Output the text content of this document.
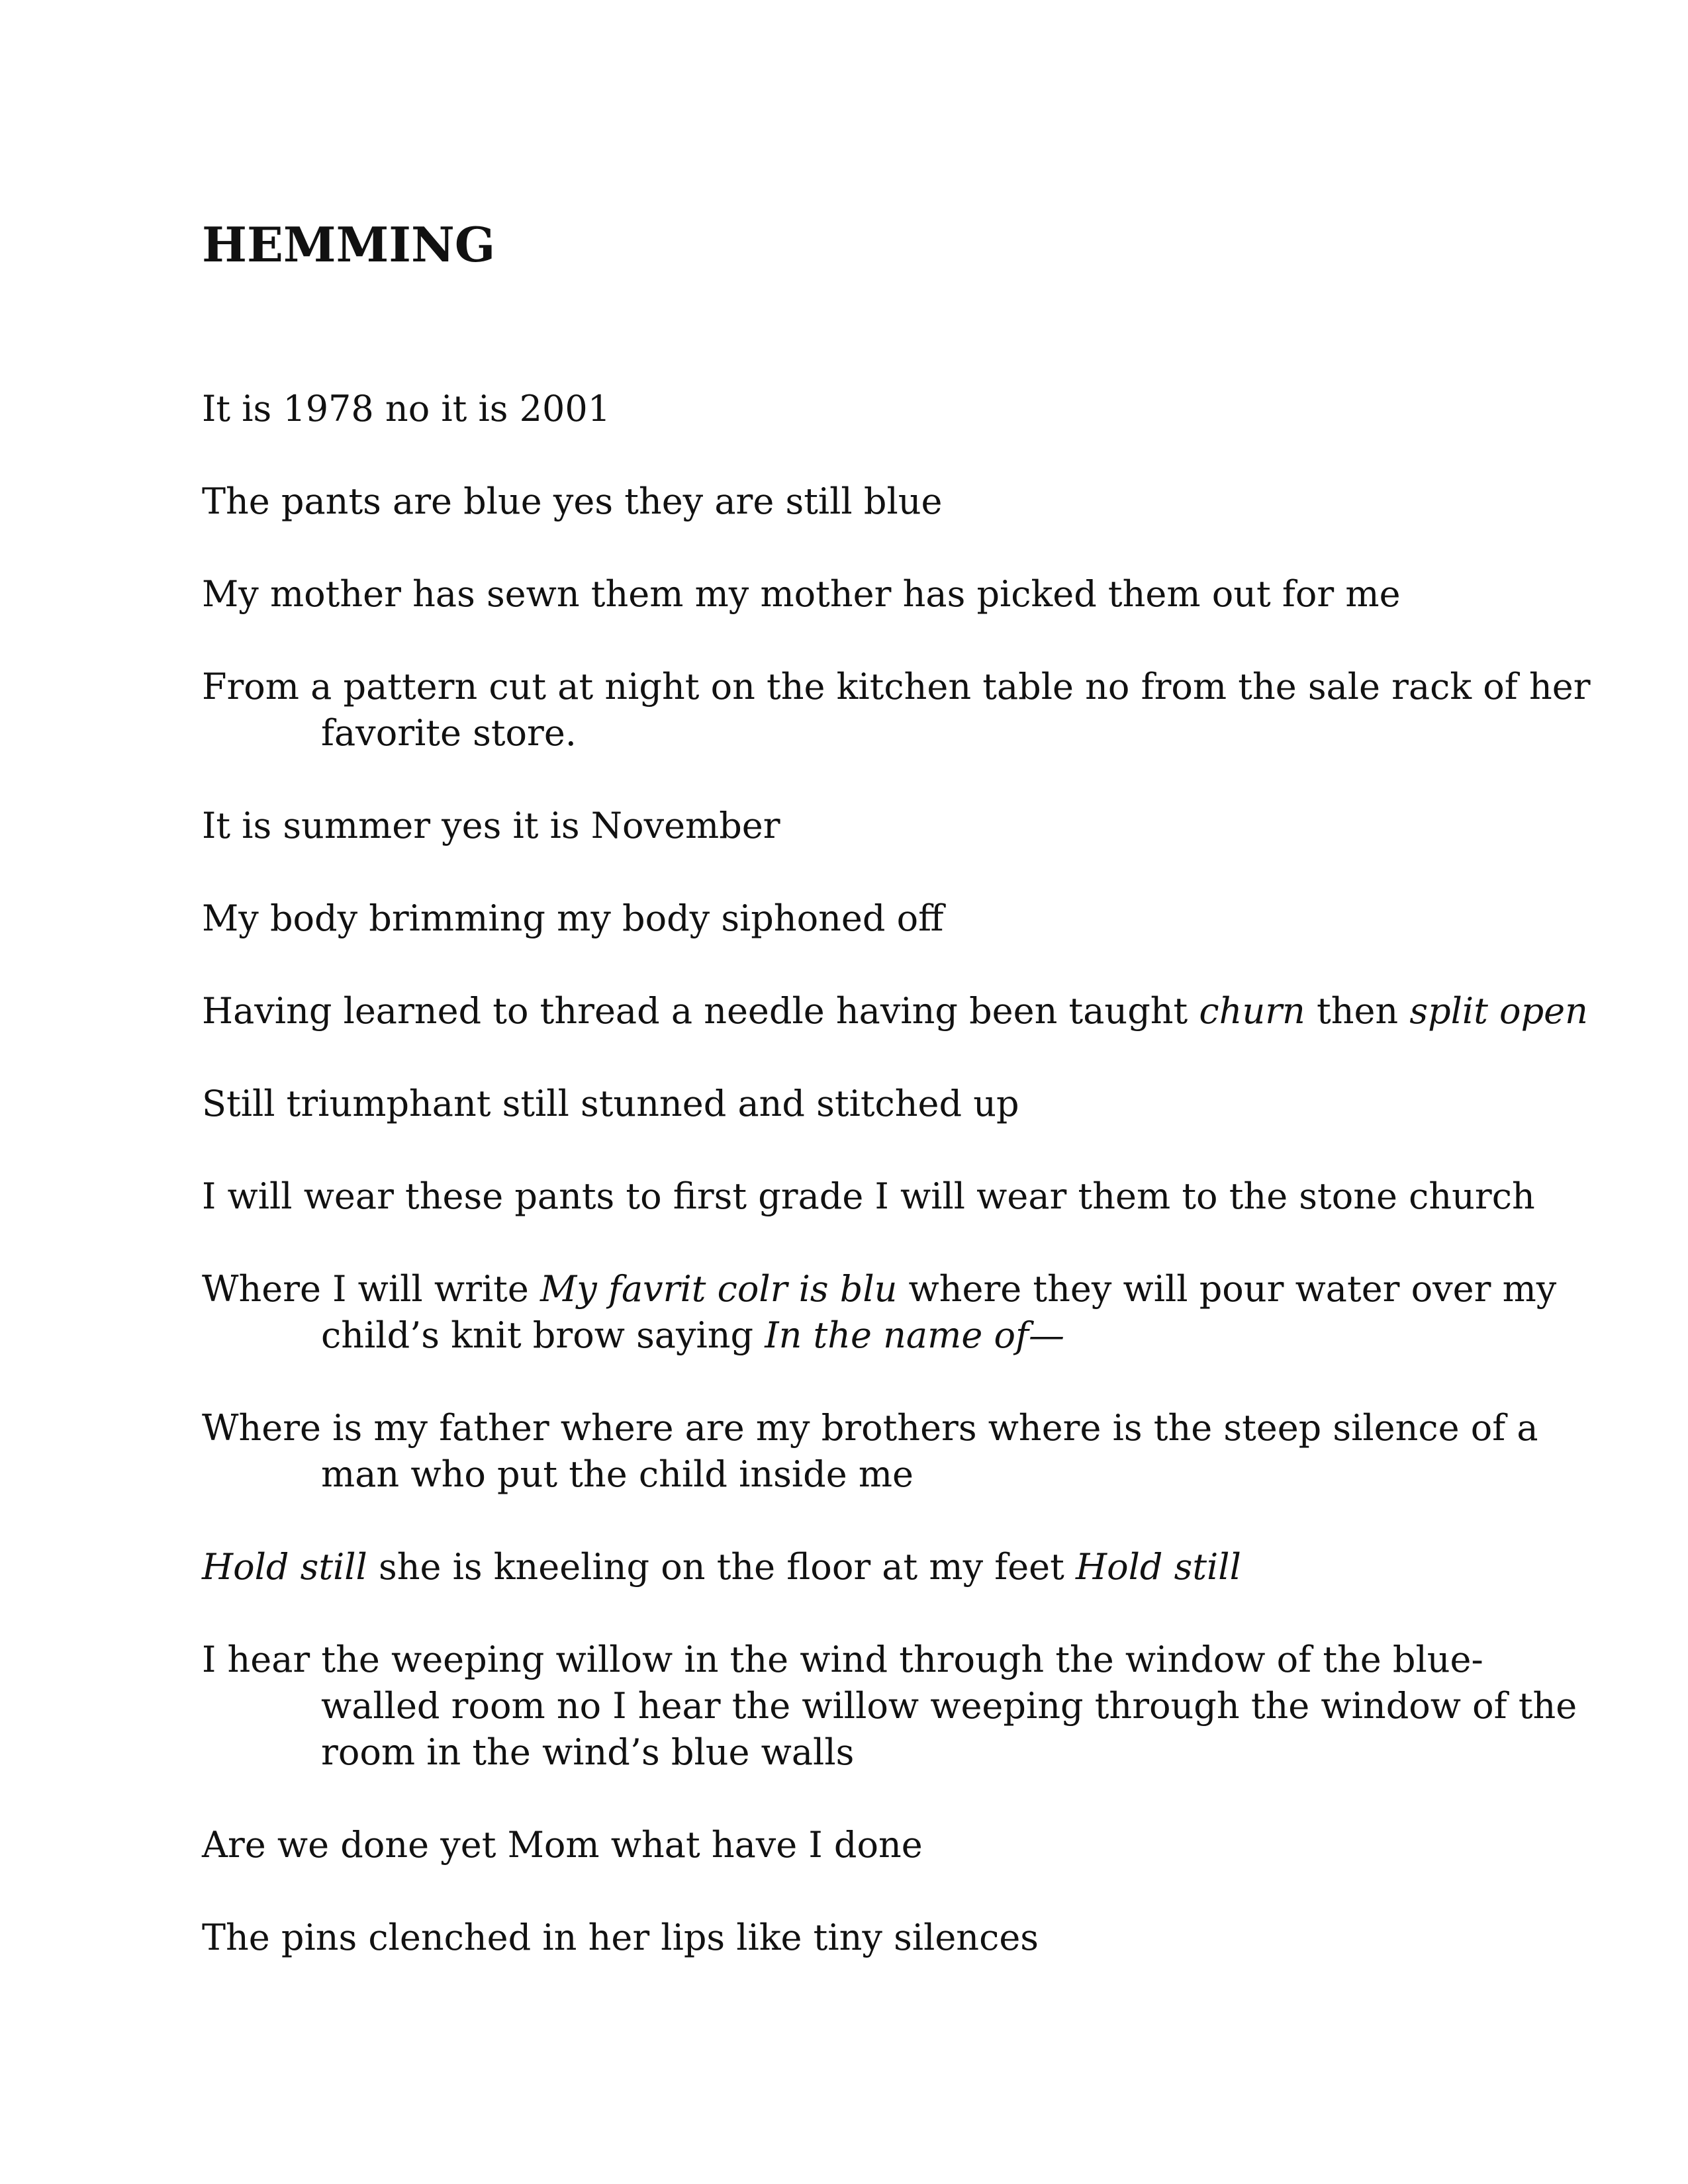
HEMMING

It is 1978 no it is 2001

The pants are blue yes they are still blue

My mother has sewn them my mother has picked them out for me

From a pattern cut at night on the kitchen table no from the sale rack of her favorite store.

It is summer yes it is November

My body brimming my body siphoned off

Having learned to thread a needle having been taught churn then split open

Still triumphant still stunned and stitched up

I will wear these pants to first grade I will wear them to the stone church

Where I will write My favrit colr is blu where they will pour water over my child’s knit brow saying In the name of—

Where is my father where are my brothers where is the steep silence of a man who put the child inside me

Hold still she is kneeling on the floor at my feet Hold still

I hear the weeping willow in the wind through the window of the blue-walled room no I hear the willow weeping through the window of the room in the wind’s blue walls

Are we done yet Mom what have I done

The pins clenched in her lips like tiny silences
